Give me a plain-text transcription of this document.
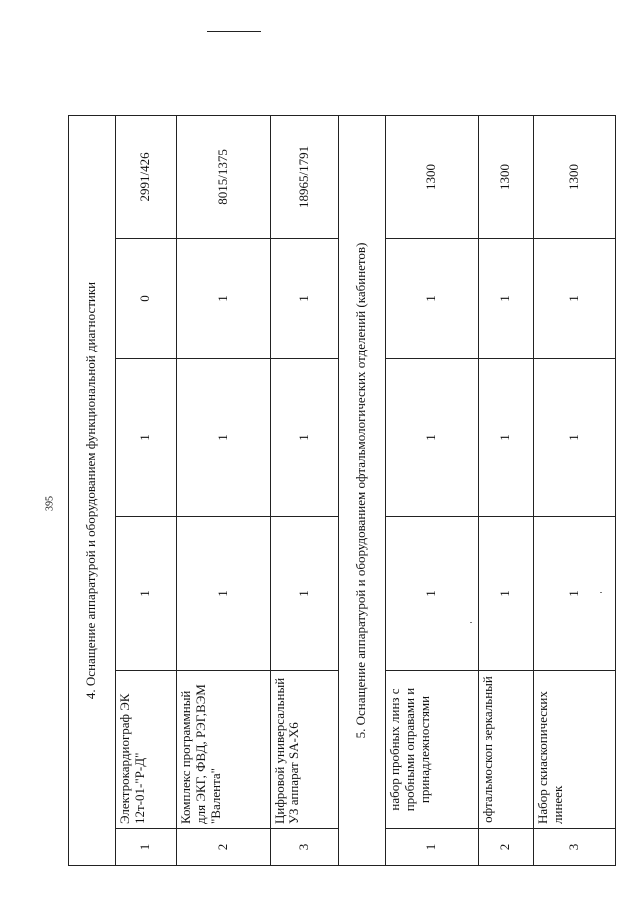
395 4. Оснащение аппаратурой и оборудованием функциональной диагностики					
1	Электрокардиограф ЭК 12т-01-"Р-Д"	1	1	0	2991/426
2	Комплекс программный для ЭКГ, ФВД, РЭГ,ВЭМ "Валента"	1	1	1	8015/1375
3	Цифровой универсальный УЗ аппарат SA-X6	1	1	1	18965/1791
5. Оснащение аппаратурой и оборудованием офтальмологических отделений (кабинетов)					
1	набор пробных линз с пробными оправами и принадлежностями	1	1	1	1300
2	офтальмоскоп зеркальный	1	1	1	1300
3	Набор скиаскопических линеек	1	1	1	1300
